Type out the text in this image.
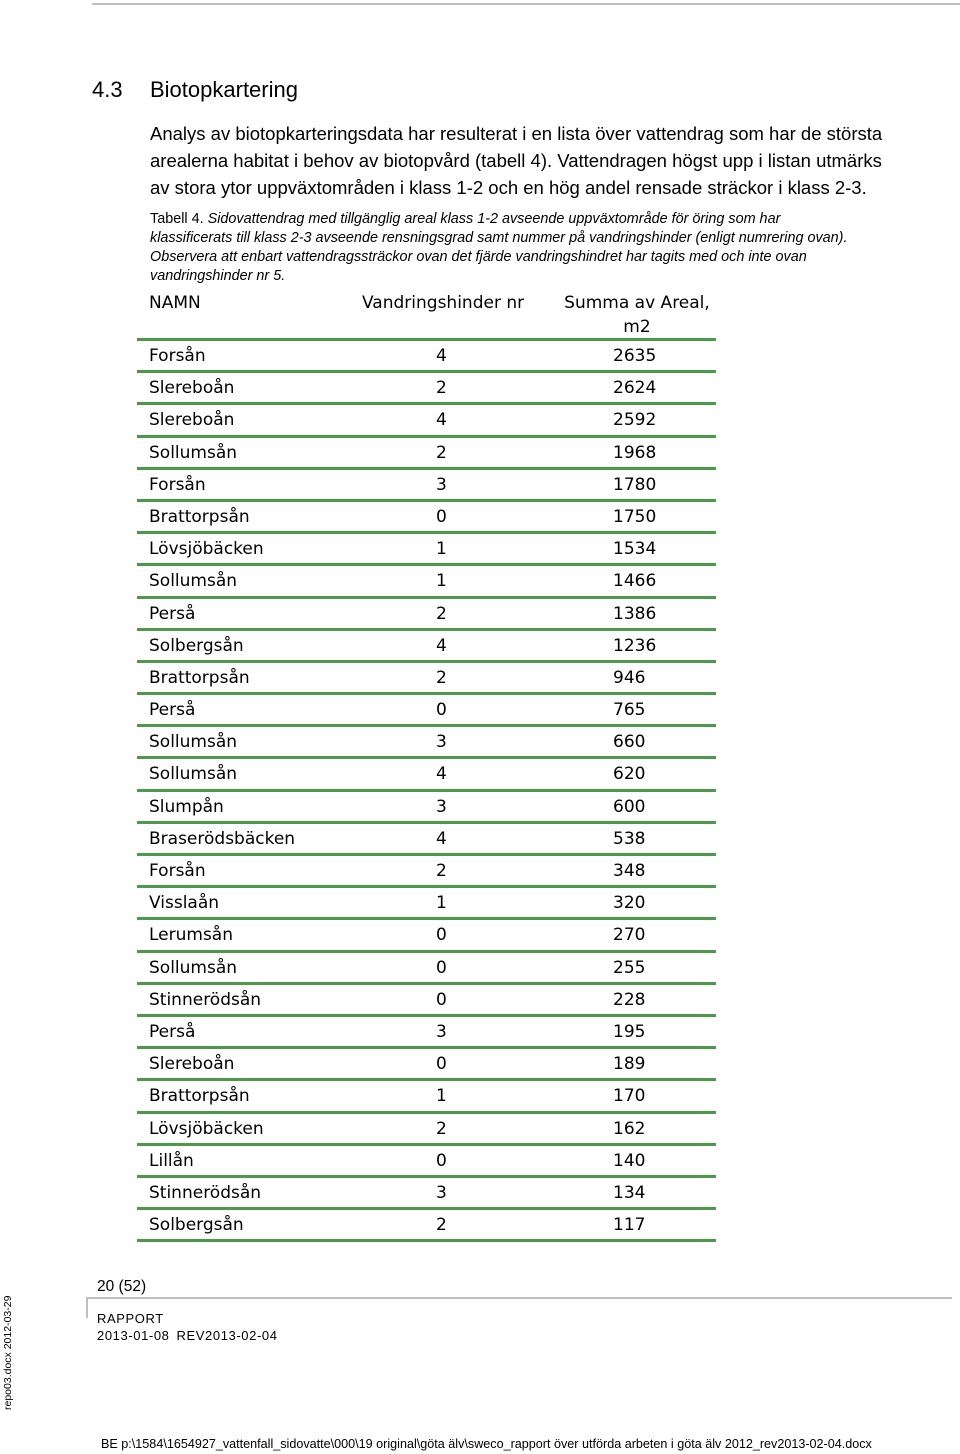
4.3 Biotopkartering
Analys av biotopkarteringsdata har resulterat i en lista över vattendrag som har de största
arealerna habitat i behov av biotopvård (tabell 4). Vattendragen högst upp i listan utmärks
av stora ytor uppväxtområden i klass 1-2 och en hög andel rensade sträckor i klass 2-3.
Tabell 4. Sidovattendrag med tillgänglig areal klass 1-2 avseende uppväxtområde för öring som har
klassificerats till klass 2-3 avseende rensningsgrad samt nummer på vandringshinder (enligt numrering ovan).
Observera att enbart vattendragssträckor ovan det fjärde vandringshindret har tagits med och inte ovan
vandringshinder nr 5.
NAMN	Vandringshinder nr	Summa av Areal,
m2
Forsån	4	2635
Slereboån	2	2624
Slereboån	4	2592
Sollumsån	2	1968
Forsån	3	1780
Brattorpsån	0	1750
Lövsjöbäcken	1	1534
Sollumsån	1	1466
Perså	2	1386
Solbergsån	4	1236
Brattorpsån	2	946
Perså	0	765
Sollumsån	3	660
Sollumsån	4	620
Slumpån	3	600
Braserödsbäcken	4	538
Forsån	2	348
Visslaån	1	320
Lerumsån	0	270
Sollumsån	0	255
Stinnerödsån	0	228
Perså	3	195
Slereboån	0	189
Brattorpsån	1	170
Lövsjöbäcken	2	162
Lillån	0	140
Stinnerödsån	3	134
Solbergsån	2	117
20 (52)
RAPPORT
2013-01-08 REV2013-02-04
repo03.docx 2012-03-29
BE p:\1584\1654927_vattenfall_sidovatte\000\19 original\göta älv\sweco_rapport över utförda arbeten i göta älv 2012_rev2013-02-04.docx
